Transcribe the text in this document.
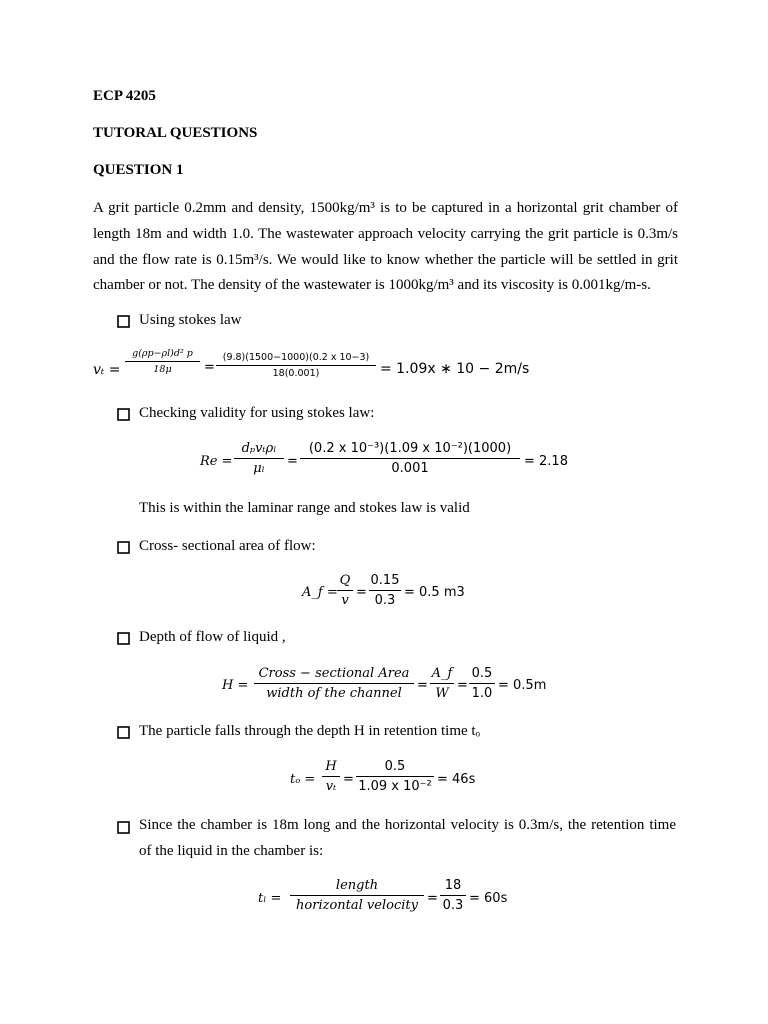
ECP 4205
TUTORAL QUESTIONS
QUESTION 1
A grit particle 0.2mm and density, 1500kg/m³ is to be captured in a horizontal grit chamber of
length 18m and width 1.0. The wastewater approach velocity carrying the grit particle is 0.3m/s
and the flow rate is 0.15m³/s. We would like to know whether the particle will be settled in grit
chamber or not. The density of the wastewater is 1000kg/m³ and its viscosity is 0.001kg/m-s.
Using stokes law
vₜ =
g(ρp−ρl)d² p
18μ	=
(9.8)(1500−1000)(0.2 x 10−3)
18(0.001)	= 1.09x ∗ 10 − 2m/s
Checking validity for using stokes law:
Re =
dₚvₜρₗ
μₗ	=
(0.2 x 10⁻³)(1.09 x 10⁻²)(1000)
0.001	= 2.18
This is within the laminar range and stokes law is valid
Cross- sectional area of flow:
A_f =
Q
v
=
0.15
0.3
= 0.5 m3
Depth of flow of liquid ,
H =
Cross − sectional Area
width of the channel
=
A_f
W
=
0.5
1.0
= 0.5m
The particle falls through the depth H in retention time tₒ
tₒ =
H
vₜ =
0.5
1.09 x 10⁻² = 46s
Since the chamber is 18m long and the horizontal velocity is 0.3m/s, the retention time
of the liquid in the chamber is:
tₗ =
length
horizontal velocity =
18
0.3 = 60s
